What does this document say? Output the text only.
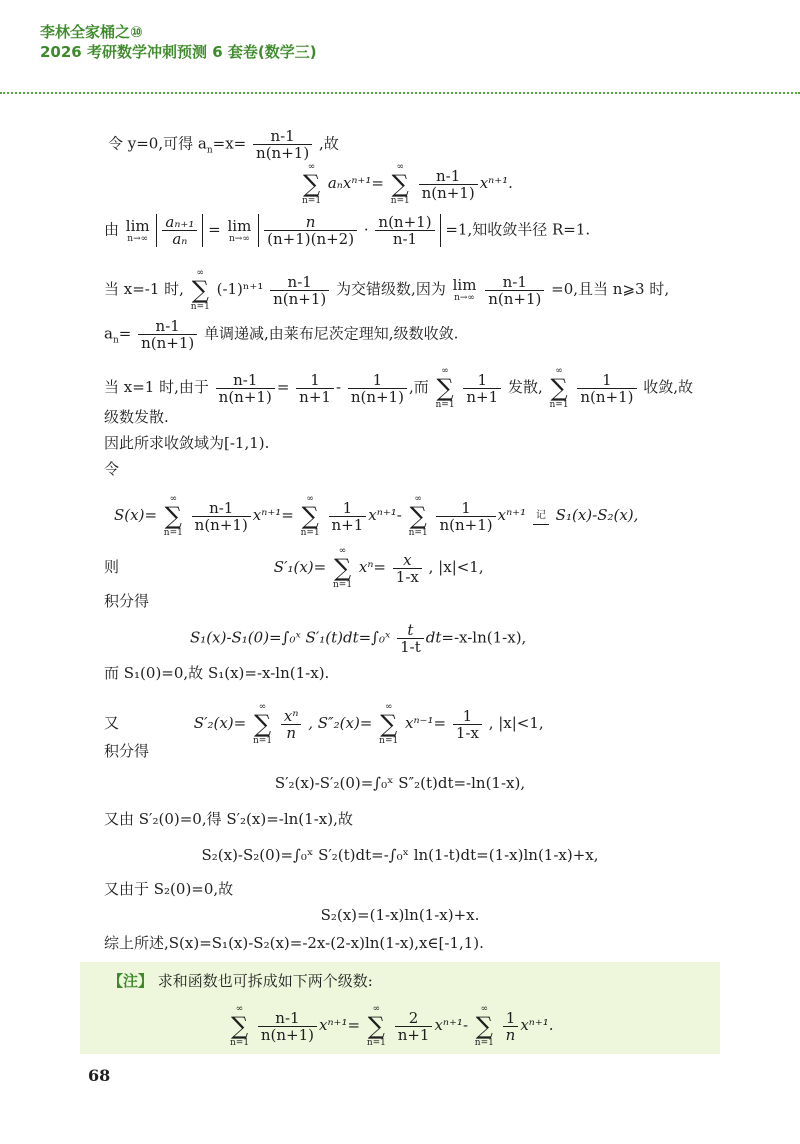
李林全家桶之⑩
2026 考研数学冲刺预测 6 套卷(数学三)
令 y=0,可得 $a_n=x= \frac{n-1}{n(n+1)}$ ,故
∞
∑
n=1
aₙxⁿ⁺¹=
∞
∑
n=1

$\frac{n-1}{n(n+1)} x^{n+1}$.
由 lim
n→∞
$\frac{\text{aₙ₊₁}}{\text{aₙ}} = \lim$
n→∞
$\frac{n}{(n+1)(n+2)} \cdot \frac{n(n+1)}{n-1} =1$,知收敛半径 R=1.
当 x=-1 时,
∞
∑
n=1
$(-1)^{n+1} \frac{n-1}{n(n+1)}$ 为交错级数,因为 lim
n→∞
$\frac{n-1}{n(n+1)} =0$,且当 n⩾3 时,
$a_n= \frac{n-1}{n(n+1)}$ 单调递减,由莱布尼茨定理知,级数收敛.
当 x=1 时,由于 $\frac{n-1}{n(n+1)} = \frac{1}{n+1} - \frac{1}{n(n+1)}$ ,而
∞
∑
n=1

$\frac{1}{n+1}$ 发散,
∞
∑
n=1

$\frac{1}{n(n+1)}$ 收敛,故
级数发散.
因此所求收敛域为[-1,1).
令
S(x)=
∞
∑
n=1

$\frac{n-1}{n(n+1)} x^{n+1}=$
∞
∑
n=1

$\frac{1}{n+1} x^{n+1}-$
∞
∑
n=1

$\frac{1}{n(n+1)} x^{n+1}$ 记 S₁(x)-S₂(x),
则	S′₁(x)=
∞
∑
n=1
$x^n= \frac{x}{1-x}$ , |x|<1,
积分得
S₁(x)-S₁(0)=∫₀ˣ S′₁(t)dt=∫₀ˣ $\frac{t}{1-t} dt=-x-\ln(1-x)$,
而 S₁(0)=0,故 S₁(x)=-x-ln(1-x).
又	S′₂(x)=
∞
∑
n=1

$\frac{\text{xⁿ}}{n}$ , S″₂(x)=
∞
∑
n=1
$x^{n-1}= \frac{1}{1-x}$ , |x|<1,
积分得
S′₂(x)-S′₂(0)=∫₀ˣ S″₂(t)dt=-ln(1-x),
又由 S′₂(0)=0,得 S′₂(x)=-ln(1-x),故
S₂(x)-S₂(0)=∫₀ˣ S′₂(t)dt=-∫₀ˣ ln(1-t)dt=(1-x)ln(1-x)+x,
又由于 S₂(0)=0,故
S₂(x)=(1-x)ln(1-x)+x.
综上所述,S(x)=S₁(x)-S₂(x)=-2x-(2-x)ln(1-x),x∈[-1,1).
【注】 求和函数也可拆成如下两个级数:
∞
∑
n=1

$\frac{n-1}{n(n+1)} x^{n+1}=$
∞
∑
n=1

$\frac{2}{n+1} x^{n+1}-$
∞
∑
n=1

$\frac{1}{n} x^{n+1}$.
68
